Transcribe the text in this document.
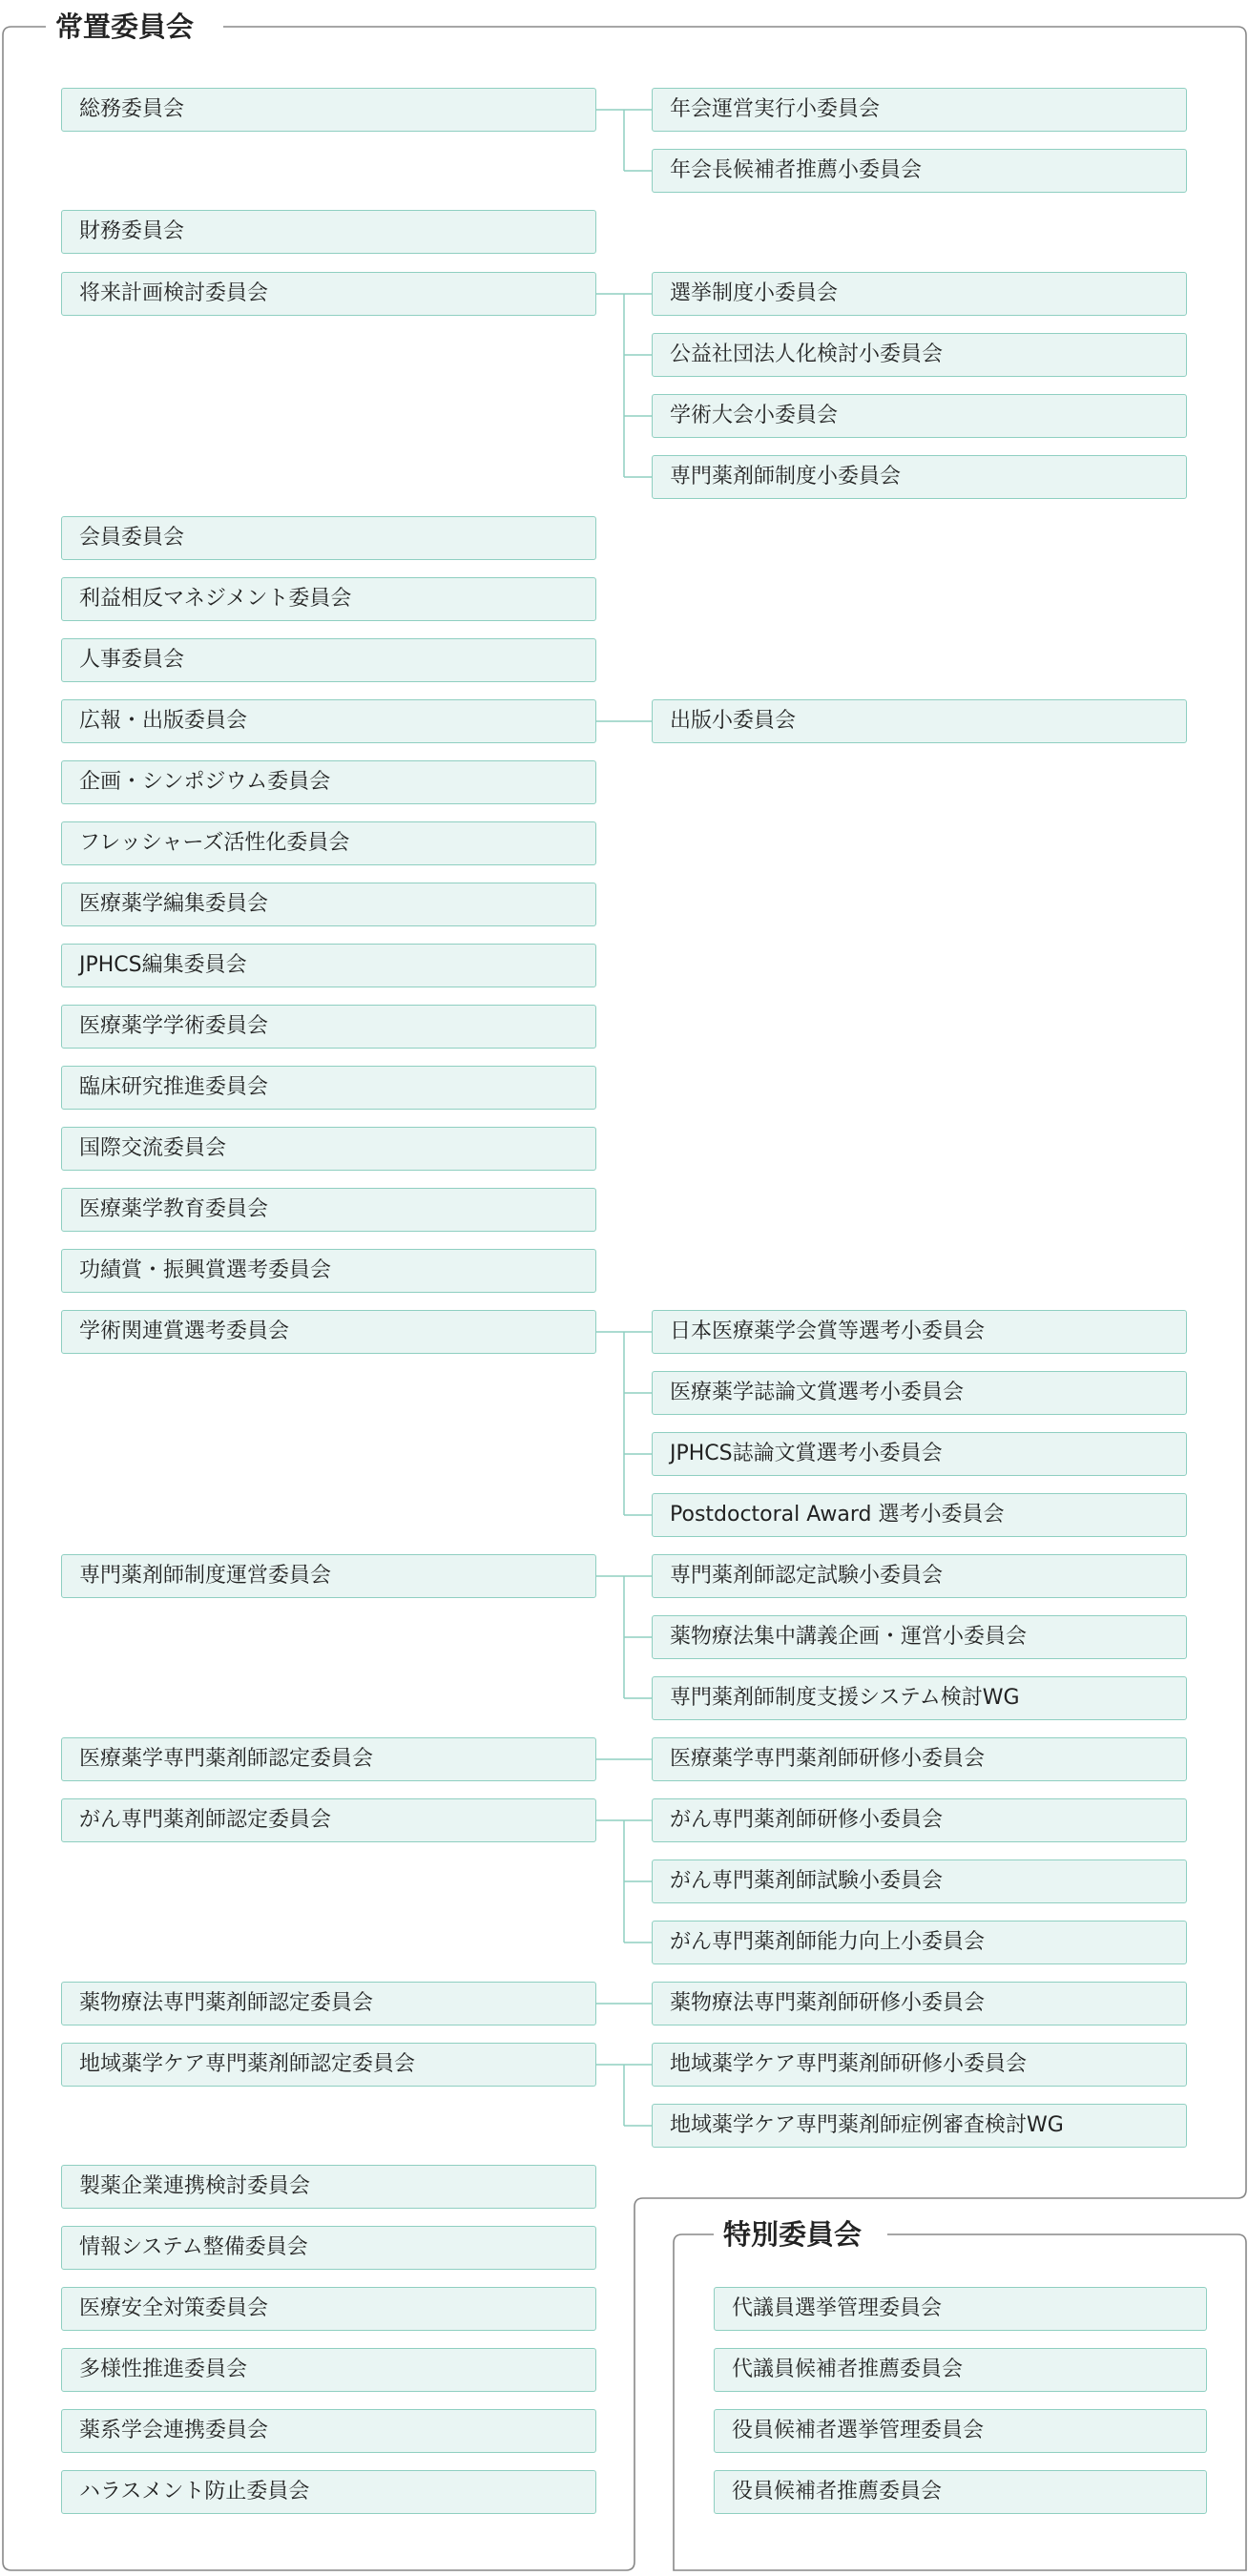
常置委員会
総務委員会	年会運営実行小委員会
年会長候補者推薦小委員会
財務委員会
将来計画検討委員会	選挙制度小委員会
公益社団法人化検討小委員会
学術大会小委員会
専門薬剤師制度小委員会
会員委員会
利益相反マネジメント委員会
人事委員会
広報・出版委員会	出版小委員会
企画・シンポジウム委員会
フレッシャーズ活性化委員会
医療薬学編集委員会
JPHCS編集委員会
医療薬学学術委員会
臨床研究推進委員会
国際交流委員会
医療薬学教育委員会
功績賞・振興賞選考委員会
学術関連賞選考委員会	日本医療薬学会賞等選考小委員会
医療薬学誌論文賞選考小委員会
JPHCS誌論文賞選考小委員会
Postdoctoral Award 選考小委員会
専門薬剤師制度運営委員会	専門薬剤師認定試験小委員会
薬物療法集中講義企画・運営小委員会
専門薬剤師制度支援システム検討WG
医療薬学専門薬剤師認定委員会	医療薬学専門薬剤師研修小委員会
がん専門薬剤師認定委員会	がん専門薬剤師研修小委員会
がん専門薬剤師試験小委員会
がん専門薬剤師能力向上小委員会
薬物療法専門薬剤師認定委員会	薬物療法専門薬剤師研修小委員会
地域薬学ケア専門薬剤師認定委員会	地域薬学ケア専門薬剤師研修小委員会
地域薬学ケア専門薬剤師症例審査検討WG
製薬企業連携検討委員会
情報システム整備委員会
医療安全対策委員会
多様性推進委員会
薬系学会連携委員会
ハラスメント防止委員会
特別委員会
代議員選挙管理委員会
代議員候補者推薦委員会
役員候補者選挙管理委員会
役員候補者推薦委員会
